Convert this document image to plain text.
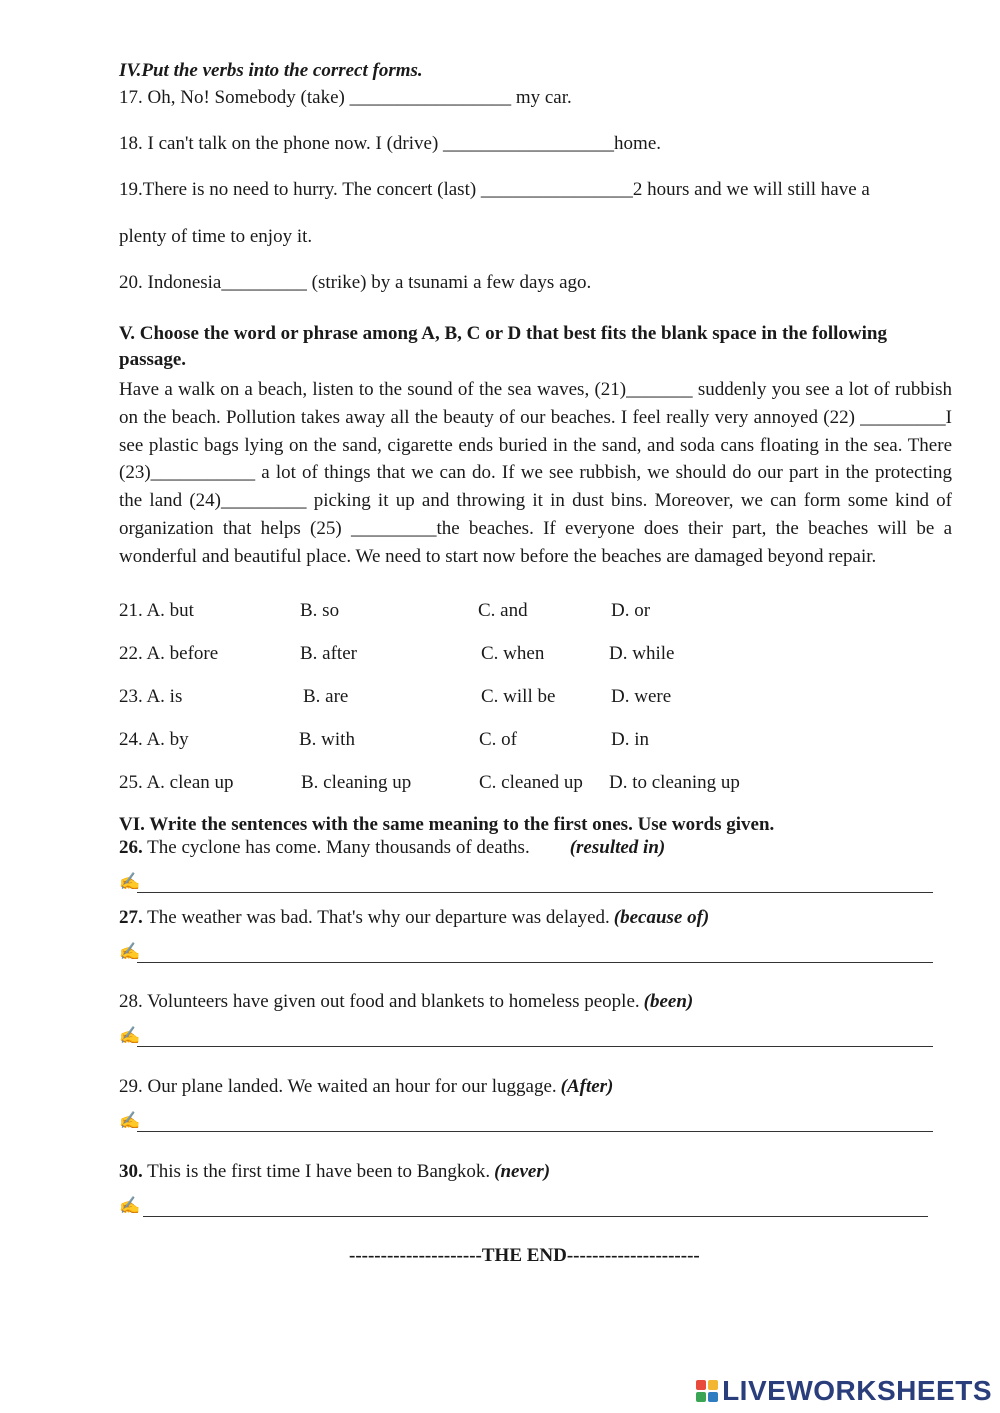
IV.Put the verbs into the correct forms.
17. Oh, No! Somebody (take) _________________ my car.
18. I can't talk on the phone now. I (drive) __________________home.
19.There is no need to hurry. The concert (last) ________________2 hours and we will still have a
plenty of time to enjoy it.
20. Indonesia_________ (strike) by a tsunami a few days ago.
V. Choose the word or phrase among A, B, C or D that best fits the blank space in the following
passage.
Have a walk on a beach, listen to the sound of the sea waves, (21)_______ suddenly you see a lot of rubbish on the beach. Pollution takes away all the beauty of our beaches. I feel really very annoyed (22) _________I see plastic bags lying on the sand, cigarette ends buried in the sand, and soda cans floating in the sea. There (23)___________ a lot of things that we can do. If we see rubbish, we should do our part in the protecting the land (24)_________ picking it up and throwing it in dust bins. Moreover, we can form some kind of organization that helps (25) _________the beaches. If everyone does their part, the beaches will be a wonderful and beautiful place. We need to start now before the beaches are damaged beyond repair.
21. A. but	B. so	C. and	D. or
22. A. before	B. after	C. when	D. while
23. A. is	B. are	C. will be	D. were
24. A. by	B. with	C. of	D. in
25. A. clean up	B. cleaning up	C. cleaned up D. to cleaning up
VI. Write the sentences with the same meaning to the first ones. Use words given.
26. The cyclone has come. Many thousands of deaths. (resulted in)
✍
27. The weather was bad. That's why our departure was delayed. (because of)
✍
28. Volunteers have given out food and blankets to homeless people. (been)
✍
29. Our plane landed. We waited an hour for our luggage. (After)
✍
30. This is the first time I have been to Bangkok. (never)
✍
---------------------THE END---------------------
LIVEWORKSHEETS
